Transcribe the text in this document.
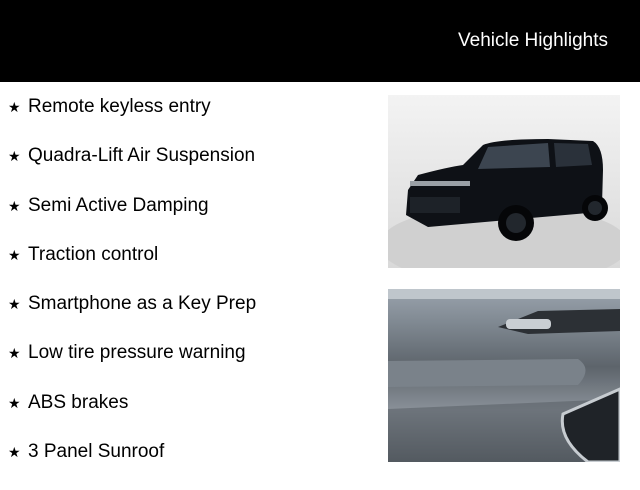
Vehicle Highlights
★ Remote keyless entry
★ Quadra-Lift Air Suspension
★ Semi Active Damping
★ Traction control
★ Smartphone as a Key Prep
★ Low tire pressure warning
★ ABS brakes
★ 3 Panel Sunroof
